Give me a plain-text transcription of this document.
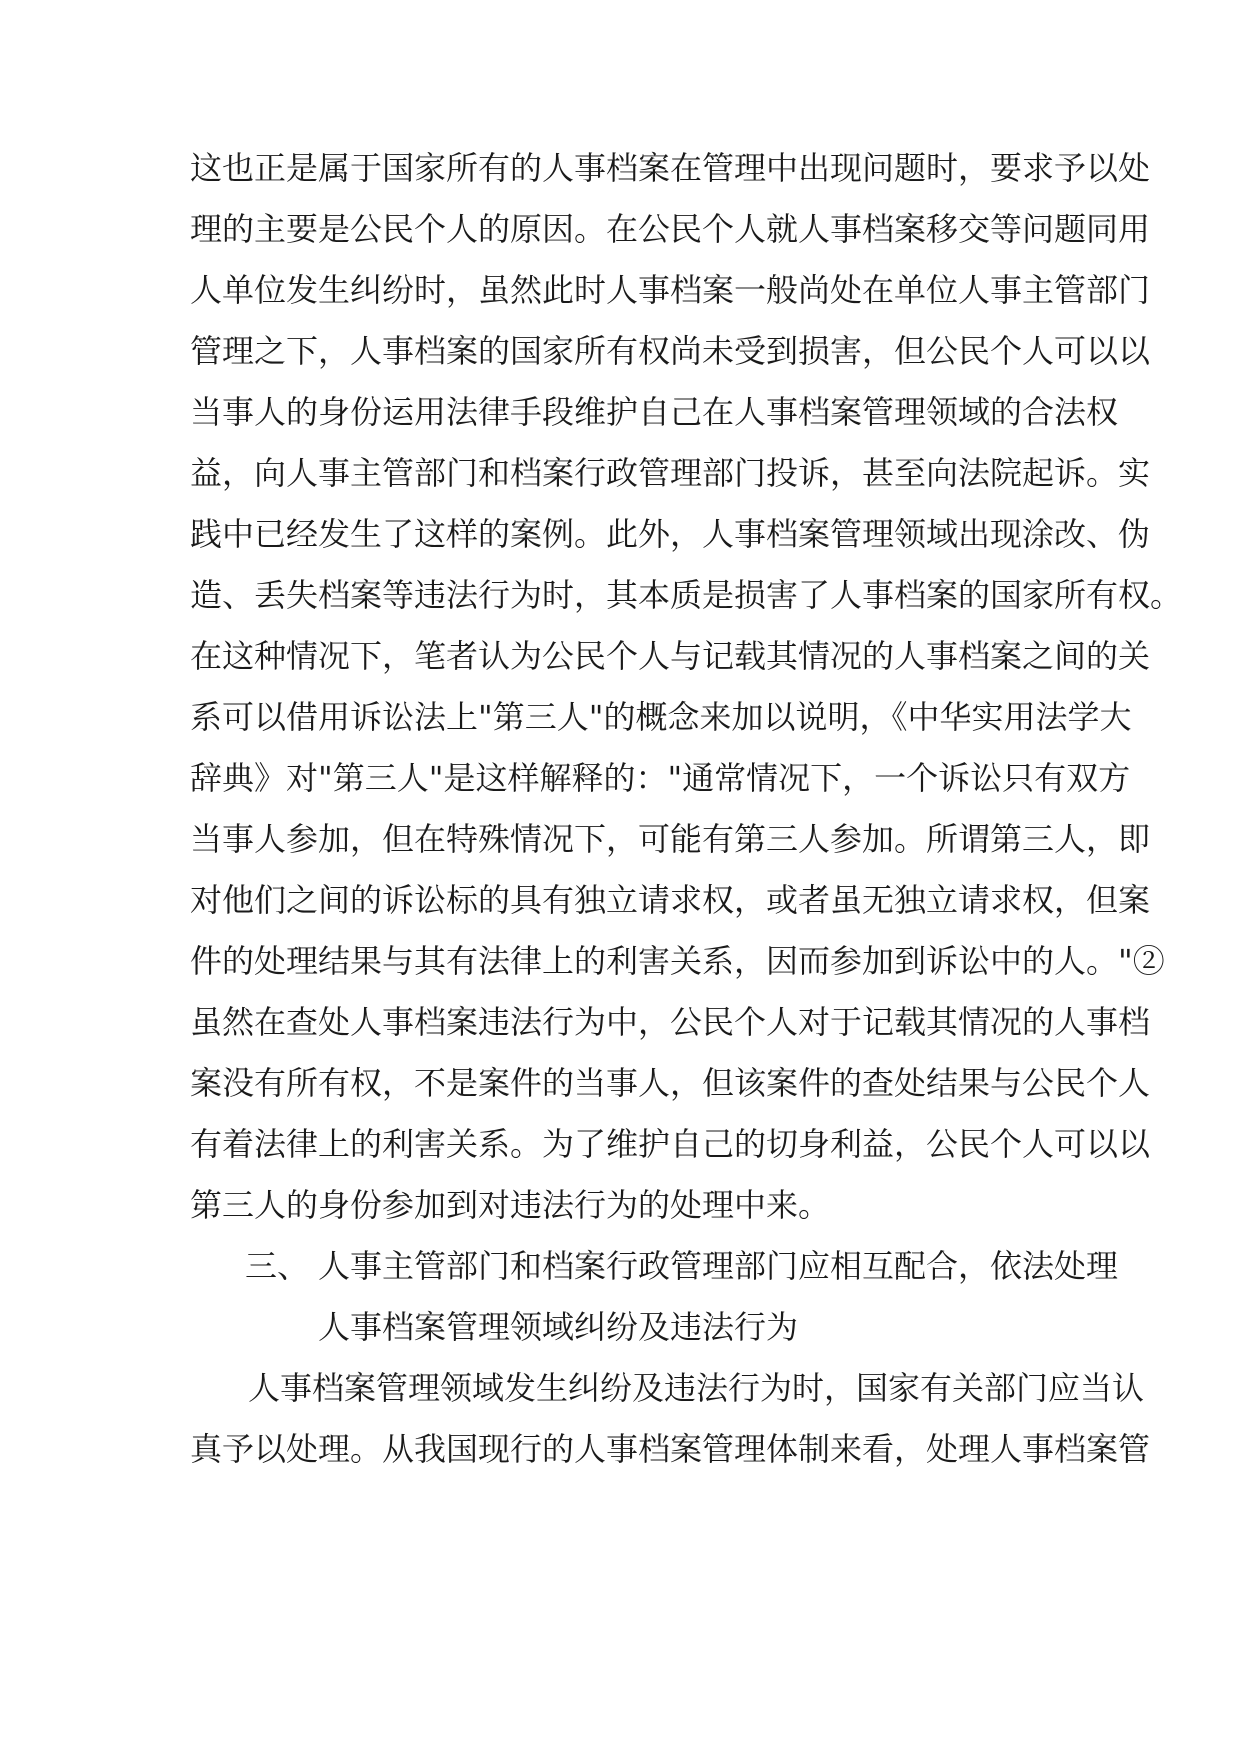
这也正是属于国家所有的人事档案在管理中出现问题时，要求予以处
理的主要是公民个人的原因。在公民个人就人事档案移交等问题同用
人单位发生纠纷时，虽然此时人事档案一般尚处在单位人事主管部门
管理之下，人事档案的国家所有权尚未受到损害，但公民个人可以以
当事人的身份运用法律手段维护自己在人事档案管理领域的合法权
益，向人事主管部门和档案行政管理部门投诉，甚至向法院起诉。实
践中已经发生了这样的案例。此外，人事档案管理领域出现涂改、伪
造、丢失档案等违法行为时，其本质是损害了人事档案的国家所有权。
在这种情况下，笔者认为公民个人与记载其情况的人事档案之间的关
系可以借用诉讼法上"第三人"的概念来加以说明，《中华实用法学大
辞典》对"第三人"是这样解释的："通常情况下，一个诉讼只有双方
当事人参加，但在特殊情况下，可能有第三人参加。所谓第三人，即
对他们之间的诉讼标的具有独立请求权，或者虽无独立请求权，但案
件的处理结果与其有法律上的利害关系，因而参加到诉讼中的人。"②
虽然在查处人事档案违法行为中，公民个人对于记载其情况的人事档
案没有所有权，不是案件的当事人，但该案件的查处结果与公民个人
有着法律上的利害关系。为了维护自己的切身利益，公民个人可以以
第三人的身份参加到对违法行为的处理中来。
三、 人事主管部门和档案行政管理部门应相互配合，依法处理
人事档案管理领域纠纷及违法行为
人事档案管理领域发生纠纷及违法行为时，国家有关部门应当认
真予以处理。从我国现行的人事档案管理体制来看，处理人事档案管
